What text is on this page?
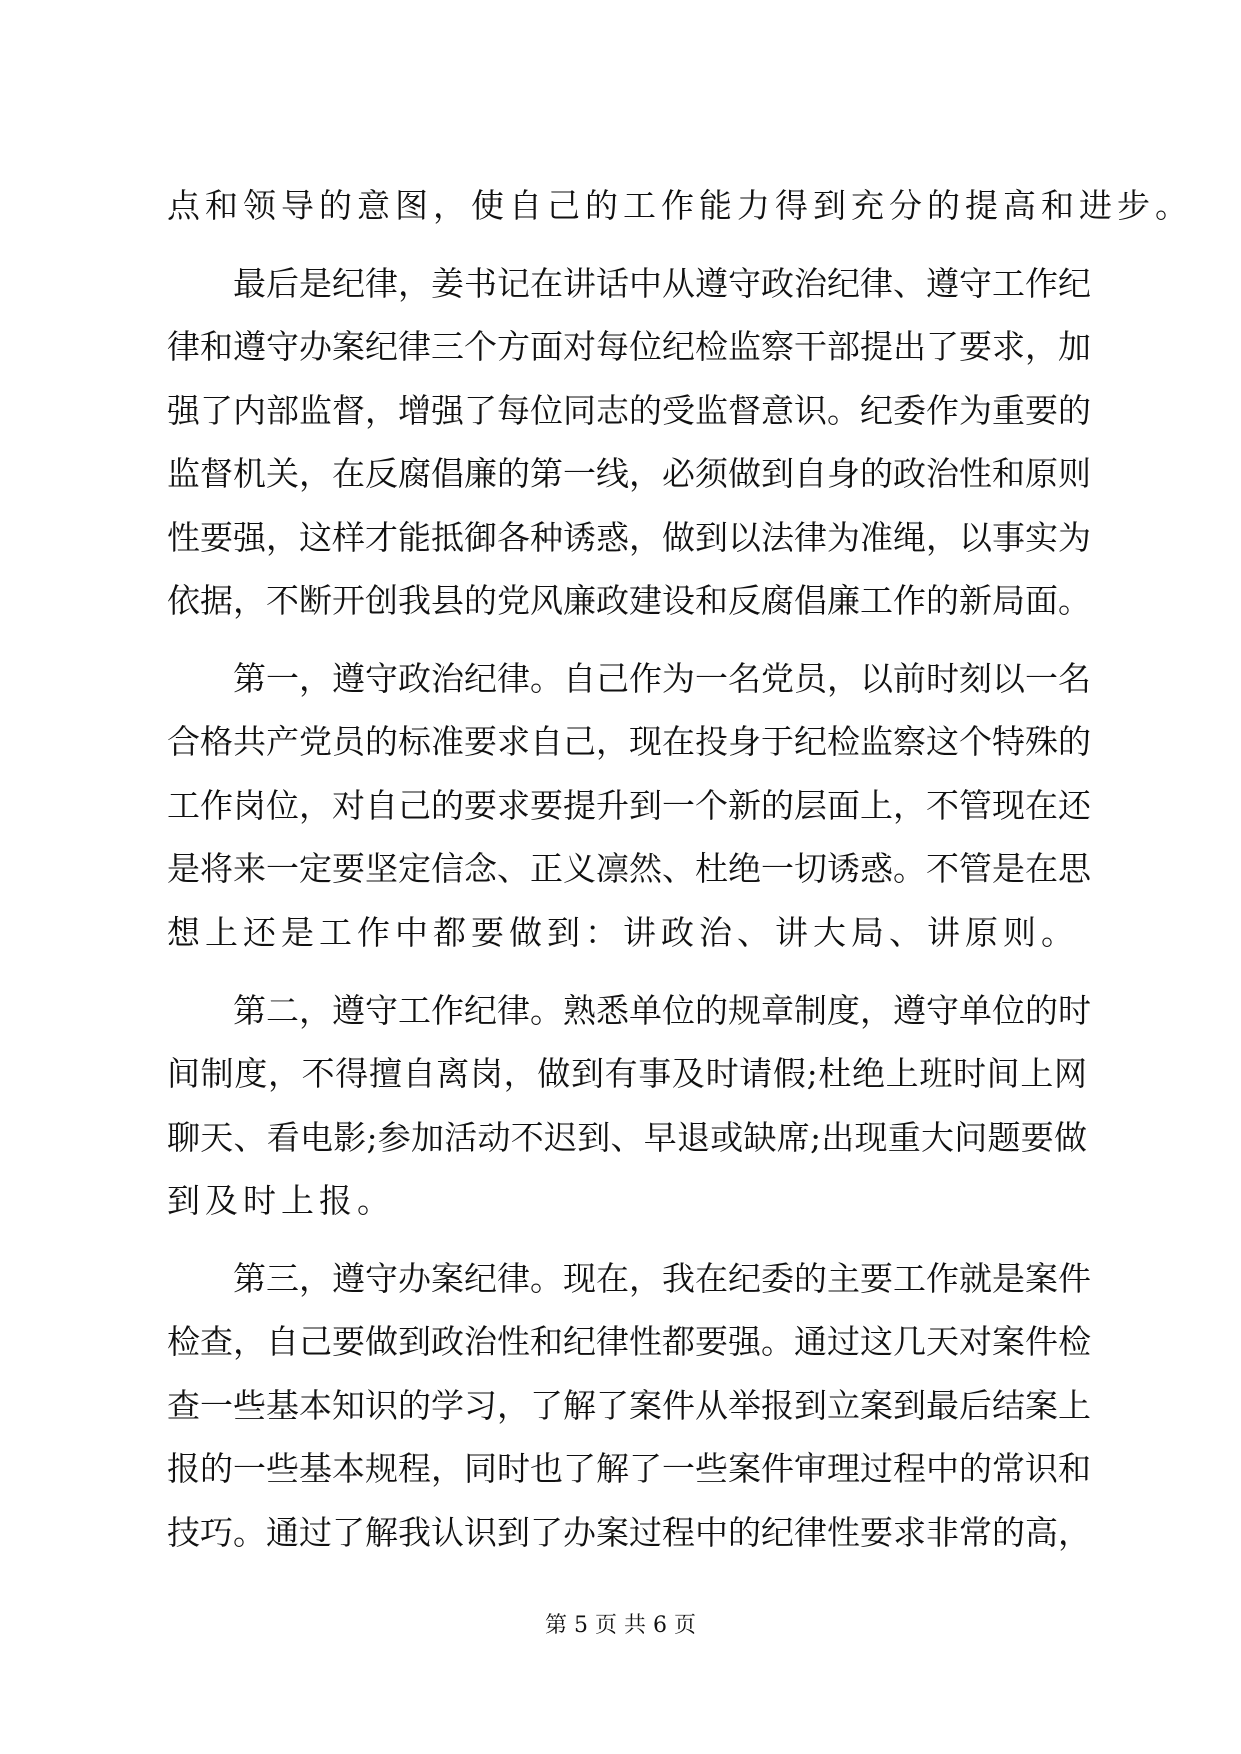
点和领导的意图，使自己的工作能力得到充分的提高和进步。
　　最后是纪律，姜书记在讲话中从遵守政治纪律、遵守工作纪
律和遵守办案纪律三个方面对每位纪检监察干部提出了要求，加
强了内部监督，增强了每位同志的受监督意识。纪委作为重要的
监督机关，在反腐倡廉的第一线，必须做到自身的政治性和原则
性要强，这样才能抵御各种诱惑，做到以法律为准绳，以事实为
依据，不断开创我县的党风廉政建设和反腐倡廉工作的新局面。
　　第一，遵守政治纪律。自己作为一名党员，以前时刻以一名
合格共产党员的标准要求自己，现在投身于纪检监察这个特殊的
工作岗位，对自己的要求要提升到一个新的层面上，不管现在还
是将来一定要坚定信念、正义凛然、杜绝一切诱惑。不管是在思
想上还是工作中都要做到：讲政治、讲大局、讲原则。
　　第二，遵守工作纪律。熟悉单位的规章制度，遵守单位的时
间制度，不得擅自离岗，做到有事及时请假;杜绝上班时间上网
聊天、看电影;参加活动不迟到、早退或缺席;出现重大问题要做
到及时上报。
　　第三，遵守办案纪律。现在，我在纪委的主要工作就是案件
检查，自己要做到政治性和纪律性都要强。通过这几天对案件检
查一些基本知识的学习，了解了案件从举报到立案到最后结案上
报的一些基本规程，同时也了解了一些案件审理过程中的常识和
技巧。通过了解我认识到了办案过程中的纪律性要求非常的高，
第 5 页 共 6 页
